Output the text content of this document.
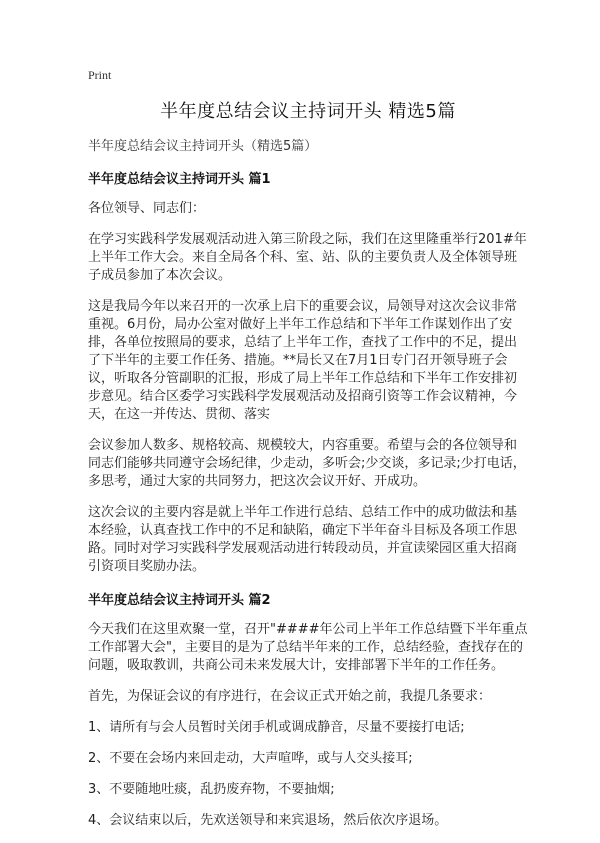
Print
半年度总结会议主持词开头 精选5篇
半年度总结会议主持词开头（精选5篇）
半年度总结会议主持词开头 篇1

各位领导、同志们：

在学习实践科学发展观活动进入第三阶段之际，我们在这里隆重举行201#年上半年工作大会。来自全局各个科、室、站、队的主要负责人及全体领导班子成员参加了本次会议。

这是我局今年以来召开的一次承上启下的重要会议，局领导对这次会议非常重视。6月份，局办公室对做好上半年工作总结和下半年工作谋划作出了安排，各单位按照局的要求，总结了上半年工作，查找了工作中的不足，提出了下半年的主要工作任务、措施。**局长又在7月1日专门召开领导班子会议，听取各分管副职的汇报，形成了局上半年工作总结和下半年工作安排初步意见。结合区委学习实践科学发展观活动及招商引资等工作会议精神，今天，在这一并传达、贯彻、落实

会议参加人数多、规格较高、规模较大，内容重要。希望与会的各位领导和同志们能够共同遵守会场纪律，少走动，多听会;少交谈，多记录;少打电话，多思考，通过大家的共同努力，把这次会议开好、开成功。

这次会议的主要内容是就上半年工作进行总结、总结工作中的成功做法和基本经验，认真查找工作中的不足和缺陷，确定下半年奋斗目标及各项工作思路。同时对学习实践科学发展观活动进行转段动员，并宣读梁园区重大招商引资项目奖励办法。

半年度总结会议主持词开头 篇2

今天我们在这里欢聚一堂，召开"####年公司上半年工作总结暨下半年重点工作部署大会"，主要目的是为了总结半年来的工作，总结经验，查找存在的问题，吸取教训，共商公司未来发展大计，安排部署下半年的工作任务。

首先，为保证会议的有序进行，在会议正式开始之前，我提几条要求：

1、请所有与会人员暂时关闭手机或调成静音，尽量不要接打电话;

2、不要在会场内来回走动，大声喧哗，或与人交头接耳;

3、不要随地吐痰，乱扔废弃物，不要抽烟;

4、会议结束以后，先欢送领导和来宾退场，然后依次序退场。
